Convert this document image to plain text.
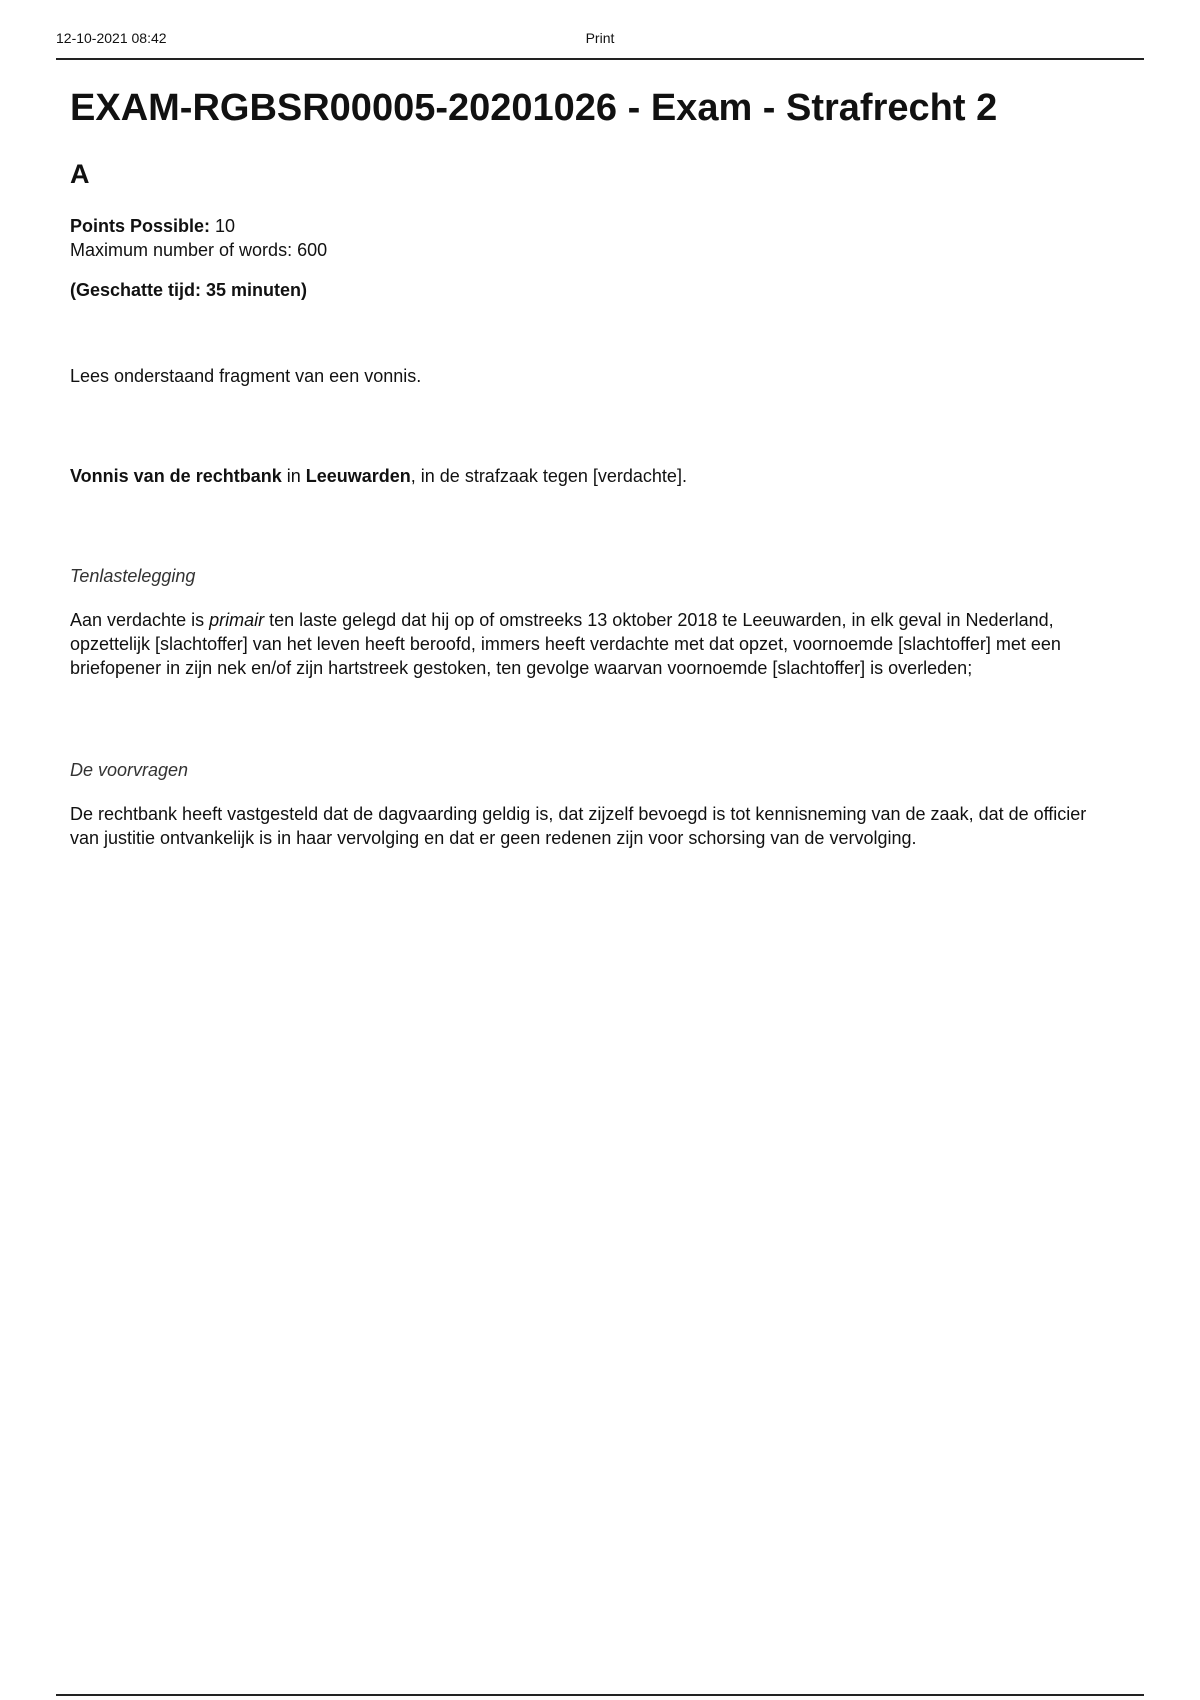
12-10-2021 08:42	Print
EXAM-RGBSR00005-20201026 - Exam - Strafrecht 2
A
Points Possible: 10
Maximum number of words: 600
(Geschatte tijd: 35 minuten)
Lees onderstaand fragment van een vonnis.
Vonnis van de rechtbank in Leeuwarden, in de strafzaak tegen [verdachte].
Tenlastelegging
Aan verdachte is primair ten laste gelegd dat hij op of omstreeks 13 oktober 2018 te Leeuwarden, in elk geval in Nederland, opzettelijk [slachtoffer] van het leven heeft beroofd, immers heeft verdachte met dat opzet, voornoemde [slachtoffer] met een briefopener in zijn nek en/of zijn hartstreek gestoken, ten gevolge waarvan voornoemde [slachtoffer] is overleden;
De voorvragen
De rechtbank heeft vastgesteld dat de dagvaarding geldig is, dat zijzelf bevoegd is tot kennisneming van de zaak, dat de officier van justitie ontvankelijk is in haar vervolging en dat er geen redenen zijn voor schorsing van de vervolging.
